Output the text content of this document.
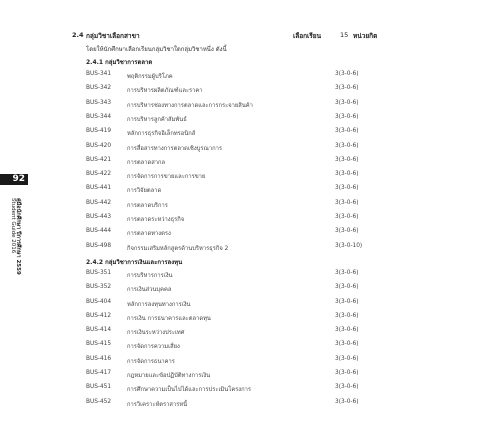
92
คู่มือนักศึกษา ปีการศึกษา 2559
Student Guide 2016
2.4 กลุ่มวิชาเลือกสาขา	เลือกเรียน	15 หน่วยกิต
โดยให้นักศึกษาเลือกเรียนกลุ่มวิชาใดกลุ่มวิชาหนึ่ง ดังนี้
2.4.1 กลุ่มวิชาการตลาด
BUS-341	พฤติกรรมผู้บริโภค	3(3-0-6)
BUS-342	การบริหารผลิตภัณฑ์และราคา	3(3-0-6)
BUS-343	การบริหารช่องทางการตลาดและการกระจายสินค้า	3(3-0-6)
BUS-344	การบริหารลูกค้าสัมพันธ์	3(3-0-6)
BUS-419	หลักการธุรกิจอิเล็กทรอนิกส์	3(3-0-6)
BUS-420	การสื่อสารทางการตลาดเชิงบูรณาการ	3(3-0-6)
BUS-421	การตลาดสากล	3(3-0-6)
BUS-422	การจัดการการขายและการขาย	3(3-0-6)
BUS-441	การวิจัยตลาด	3(3-0-6)
BUS-442	การตลาดบริการ	3(3-0-6)
BUS-443	การตลาดระหว่างธุรกิจ	3(3-0-6)
BUS-444	การตลาดทางตรง	3(3-0-6)
BUS-498	กิจกรรมเสริมหลักสูตรด้านบริหารธุรกิจ 2	3(3-0-10)
2.4.2 กลุ่มวิชาการเงินและการลงทุน
BUS-351	การบริหารการเงิน	3(3-0-6)
BUS-352	การเงินส่วนบุคคล	3(3-0-6)
BUS-404	หลักการลงทุนทางการเงิน	3(3-0-6)
BUS-412	การเงิน การธนาคารและตลาดทุน	3(3-0-6)
BUS-414	การเงินระหว่างประเทศ	3(3-0-6)
BUS-415	การจัดการความเสี่ยง	3(3-0-6)
BUS-416	การจัดการธนาคาร	3(3-0-6)
BUS-417	กฎหมายและข้อปฏิบัติทางการเงิน	3(3-0-6)
BUS-451	การศึกษาความเป็นไปได้และการประเมินโครงการ	3(3-0-6)
BUS-452	การวิเคราะห์ตราสารหนี้	3(3-0-6)
